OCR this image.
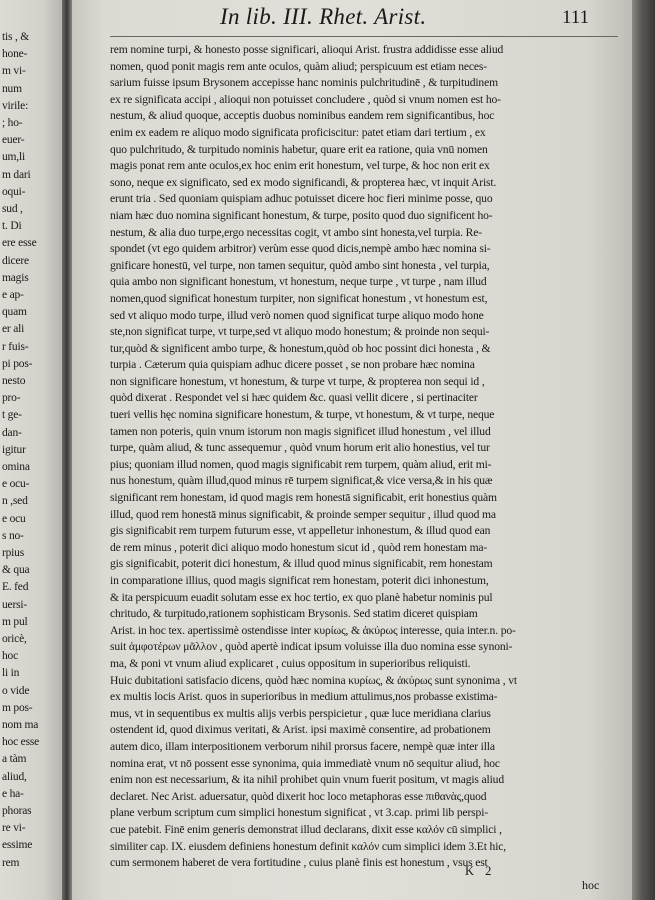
tis , &
hone-
m vi-
num
virile:
; ho-
euer-
um,li
m dari
oqui-
sud ,
t. Di
ere esse
dicere
magis
e ap-
quam
er ali
r fuis-
pi pos-
nesto
pro-
t ge-
dan-
igitur
omina
e ocu-
n ,sed
e ocu
s no-
rpius
& qua
E. fed
uersi-
m pul
oricè,
hoc
li in
o vide
m pos-
nom ma
hoc esse
a tàm
aliud,
e ha-
phoras
re vi-
essime
rem
In lib. III. Rhet. Arist.	111
rem nomine turpi, & honesto posse significari, alioqui Arist. frustra addidisse esse aliud
nomen, quod ponit magis rem ante oculos, quàm aliud; perspicuum est etiam neces-
sarium fuisse ipsum Brysonem accepisse hanc nominis pulchritudinē , & turpitudinem
ex re significata accipi , alioqui non potuisset concludere , quòd si vnum nomen est ho-
nestum, & aliud quoque, acceptis duobus nominibus eandem rem significantibus, hoc
enim ex eadem re aliquo modo significata proficiscitur: patet etiam dari tertium , ex
quo pulchritudo, & turpitudo nominis habetur, quare erit ea ratione, quia vnū nomen
magis ponat rem ante oculos,ex hoc enim erit honestum, vel turpe, & hoc non erit ex
sono, neque ex significato, sed ex modo significandi, & propterea hæc, vt inquit Arist.
erunt tria . Sed quoniam quispiam adhuc potuisset dicere hoc fieri minime posse, quo
niam hæc duo nomina significant honestum, & turpe, posito quod duo significent ho-
nestum, & alia duo turpe,ergo necessitas cogit, vt ambo sint honesta,vel turpia. Re-
spondet (vt ego quidem arbitror) verùm esse quod dicis,nempè ambo hæc nomina si-
gnificare honestū, vel turpe, non tamen sequitur, quòd ambo sint honesta , vel turpia,
quia ambo non significant honestum, vt honestum, neque turpe , vt turpe , nam illud
nomen,quod significat honestum turpiter, non significat honestum , vt honestum est,
sed vt aliquo modo turpe, illud verò nomen quod significat turpe aliquo modo hone
ste,non significat turpe, vt turpe,sed vt aliquo modo honestum; & proinde non sequi-
tur,quòd & significent ambo turpe, & honestum,quòd ob hoc possint dici honesta , &
turpia . Cæterum quia quispiam adhuc dicere posset , se non probare hæc nomina
non significare honestum, vt honestum, & turpe vt turpe, & propterea non sequi id ,
quòd dixerat . Respondet vel si hæc quidem &c. quasi vellit dicere , si pertinaciter
tueri vellis hęc nomina significare honestum, & turpe, vt honestum, & vt turpe, neque
tamen non poteris, quin vnum istorum non magis significet illud honestum , vel illud
turpe, quàm aliud, & tunc assequemur , quòd vnum horum erit alio honestius, vel tur
pius; quoniam illud nomen, quod magis significabit rem turpem, quàm aliud, erit mi-
nus honestum, quàm illud,quod minus rē turpem significat,& vice versa,& in his quæ
significant rem honestam, id quod magis rem honestā significabit, erit honestius quàm
illud, quod rem honestā minus significabit, & proinde semper sequitur , illud quod ma
gis significabit rem turpem futurum esse, vt appelletur inhonestum, & illud quod ean
de rem minus , poterit dici aliquo modo honestum sicut id , quòd rem honestam ma-
gis significabit, poterit dici honestum, & illud quod minus significabit, rem honestam
in comparatione illius, quod magis significat rem honestam, poterit dici inhonestum,
& ita perspicuum euadit solutam esse ex hoc tertio, ex quo planè habetur nominis pul
chritudo, & turpitudo,rationem sophisticam Brysonis. Sed statim diceret quispiam
Arist. in hoc tex. apertissimè ostendisse inter κυρίως, & ἀκύρως interesse, quia inter.n. po-
suit ἀμφοτέρων μᾶλλον , quòd apertè indicat ipsum voluisse illa duo nomina esse synoni-
ma, & poni vt vnum aliud explicaret , cuius oppositum in superioribus reliquisti.
Huic dubitationi satisfacio dicens, quòd hæc nomina κυρίως, & ἀκύρως sunt synonima , vt
ex multis locis Arist. quos in superioribus in medium attulimus,nos probasse existima-
mus, vt in sequentibus ex multis alijs verbis perspicietur , quæ luce meridiana clarius
ostendent id, quod diximus veritati, & Arist. ipsi maximè consentire, ad probationem
autem dico, illam interpositionem verborum nihil prorsus facere, nempè quæ inter illa
nomina erat, vt nō possent esse synonima, quia immediatè vnum nō sequitur aliud, hoc
enim non est necessarium, & ita nihil prohibet quin vnum fuerit positum, vt magis aliud
declaret. Nec Arist. aduersatur, quòd dixerit hoc loco metaphoras esse πιθανὰς,quod
plane verbum scriptum cum simplici honestum significat , vt 3.cap. primi lib perspi-
cue patebit. Finē enim generis demonstrat illud declarans, dixit esse καλόν cū simplici ,
similiter cap. IX. eiusdem definiens honestum definit καλόν cum simplici idem 3.Et hic,
cum sermonem haberet de vera fortitudine , cuius planè finis est honestum , vsus est
K 2
hoc
